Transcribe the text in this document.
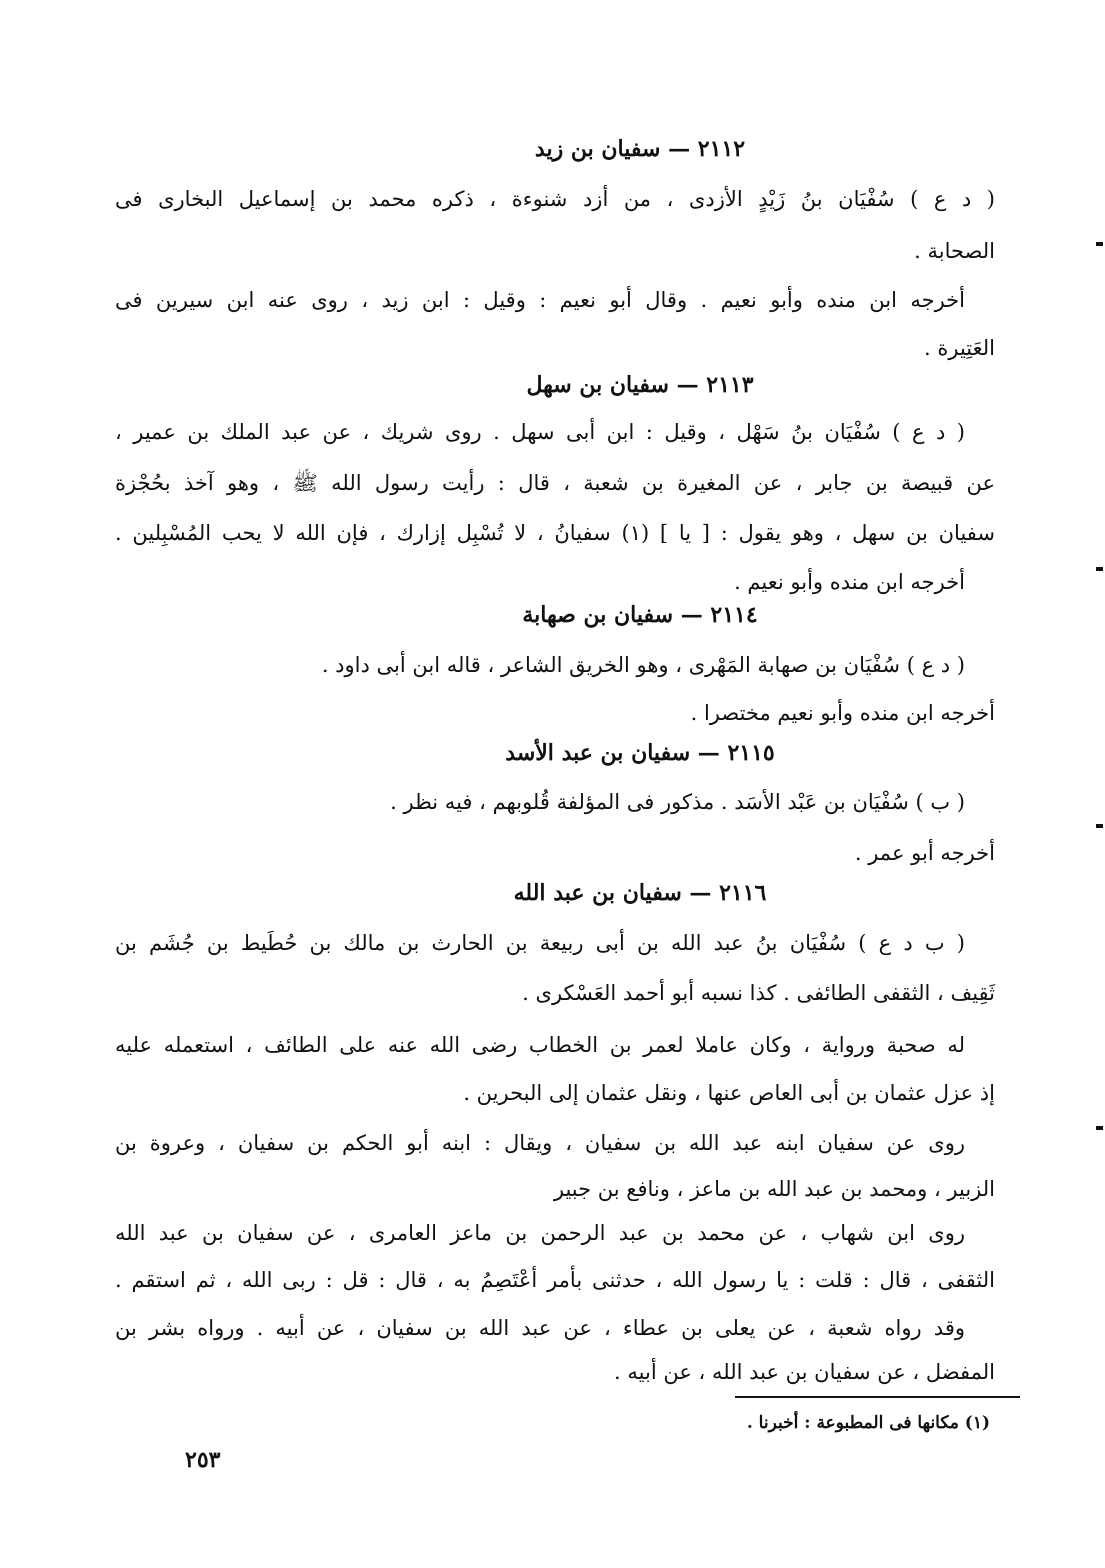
٢١١٢ — سفيان بن زيد
( د ع ) سُفْيَان بنُ زَيْدٍ الأزدى ، من أزد شنوءة ، ذكره محمد بن إسماعيل البخارى فى
الصحابة .
أخرجه ابن منده وأبو نعيم . وقال أبو نعيم : وقيل : ابن زيد ، روى عنه ابن سيرين فى
العَتِيرة .
٢١١٣ — سفيان بن سهل
( د ع ) سُفْيَان بنُ سَهْل ، وقيل : ابن أبى سهل . روى شريك ، عن عبد الملك بن عمير ،
عن قبيصة بن جابر ، عن المغيرة بن شعبة ، قال : رأيت رسول الله ﷺ ، وهو آخذ بحُجْزة
سفيان بن سهل ، وهو يقول : [ يا ] (١) سفيانُ ، لا تُسْبِل إزارك ، فإن الله لا يحب المُسْبِلين .
أخرجه ابن منده وأبو نعيم .
٢١١٤ — سفيان بن صهابة
( د ع ) سُفْيَان بن صهابة المَهْرى ، وهو الخريق الشاعر ، قاله ابن أبى داود .
أخرجه ابن منده وأبو نعيم مختصرا .
٢١١٥ — سفيان بن عبد الأسد
( ب ) سُفْيَان بن عَبْد الأسَد . مذكور فى المؤلفة قُلوبهم ، فيه نظر .
أخرجه أبو عمر .
٢١١٦ — سفيان بن عبد الله
( ب د ع ) سُفْيَان بنُ عبد الله بن أبى ربيعة بن الحارث بن مالك بن حُطَيط بن جُشَم بن
ثَقِيف ، الثقفى الطائفى . كذا نسبه أبو أحمد العَسْكرى .
له صحبة ورواية ، وكان عاملا لعمر بن الخطاب رضى الله عنه على الطائف ، استعمله عليه
إذ عزل عثمان بن أبى العاص عنها ، ونقل عثمان إلى البحرين .
روى عن سفيان ابنه عبد الله بن سفيان ، ويقال : ابنه أبو الحكم بن سفيان ، وعروة بن
الزبير ، ومحمد بن عبد الله بن ماعز ، ونافع بن جبير
روى ابن شهاب ، عن محمد بن عبد الرحمن بن ماعز العامرى ، عن سفيان بن عبد الله
الثقفى ، قال : قلت : يا رسول الله ، حدثنى بأمر أعْتَصِمُ به ، قال : قل : ربى الله ، ثم استقم .
وقد رواه شعبة ، عن يعلى بن عطاء ، عن عبد الله بن سفيان ، عن أبيه . ورواه بشر بن
المفضل ، عن سفيان بن عبد الله ، عن أبيه .
(١) مكانها فى المطبوعة : أخبرنا .
٢٥٣
